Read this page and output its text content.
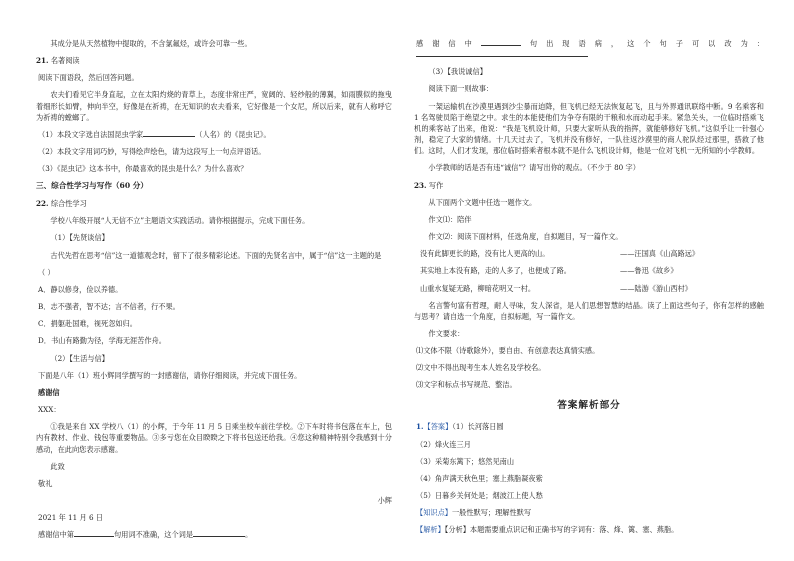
其成分是从天然植物中提取的，不含氯氟烃，或许会可靠一些。

21. 名著阅读

阅读下面语段，然后回答问题。

农夫们看见它半身直起，立在太阳灼烧的青草上，态度非常庄严，宽阔的、轻纱般的薄翼，如雨膜似的拖曳着细形长如臂，伸向半空，好像是在祈祷，在无知识的农夫看来，它好像是一个女尼，所以后来，就有人称呼它为祈祷的螳螂了。

（1）本段文字选自法国昆虫学家	（人名）的《昆虫记》。

（2）本段文字用词巧妙，写得绘声绘色，请为这段写上一句点评语话。

（3）《昆虫记》这本书中，你最喜欢的昆虫是什么？为什么喜欢？

三、综合性学习与写作（60 分）

22. 综合性学习

学校八年级开展“人无信不立”主题语文实践活动。请你根据提示，完成下面任务。

（1）【先贤谈信】

古代先哲在思考“信”这一道德观念时，留下了很多精彩论述。下面的先贤名言中，属于“信”这一主题的是

（ ）

A．静以修身，俭以养德。

B．志不强者，智不达；言不信者，行不果。

C．捐躯赴国难，视死忽如归。

D．书山有路勤为径，学海无涯苦作舟。

（2）【生活与信】

下面是八年（1）班小辉同学撰写的一封感谢信，请你仔细阅读，并完成下面任务。

感谢信

XXX：

①我是来自 XX 学校八（1）的小辉，于今年 11 月 5 日乘坐校车前往学校。②下车时将书包落在车上，包内有教材、作业、钱包等重要物品。③多亏您在众目睽睽之下将书包送还给我。④您这种精神特别令我感到十分感动，在此向您表示感谢。

此致

敬礼

小辉

2021 年 11 月 6 日

感谢信中第	句用词不准确，这个词是	。

感谢信中	句出现语病，这个句子可以改为：

（3）【我说诚信】

阅读下面一则故事：

一架运输机在沙漠里遇到沙尘暴而迫降，但飞机已经无法恢复起飞，且与外界通讯联络中断。9 名乘客和 1 名驾驶员陷于绝望之中。求生的本能使他们为争夺有限的干粮和水而动起手来。紧急关头，一位临时搭乘飞机的乘客站了出来，他说：“我是飞机设计师，只要大家听从我的指挥，就能够修好飞机。”这似乎让一针强心剂，稳定了大家的情绪。十几天过去了，飞机并没有修好，一队往返沙漠里的商人驼队经过那里，搭救了他们。这时，人们才发现，那位临时搭乘者根本就不是什么飞机设计师，他是一位对飞机一无所知的小学教师。

小学教师的话是否有违“诚信”？请写出你的观点。（不少于 80 字）

23. 写作

从下面两个文题中任选一题作文。

作文⑴：陪伴

作文⑵：阅读下面材料，任选角度，自拟题目，写一篇作文。

没有此脚更长的路，没有比人更高的山。	——汪国真《山高路远》
其实地上本没有路，走的人多了，也便成了路。	——鲁迅《故乡》
山重水复疑无路，柳暗花明又一村。	——陆游《游山西村》

名言警句富有哲理，耐人寻味，发人深省，是人们思想智慧的结晶。读了上面这些句子，你有怎样的感触与思考？请自选一个角度，自拟标题，写一篇作文。

作文要求：

⑴文体不限（诗歌除外），要自由、有创意表达真情实感。

⑵文中不得出现考生本人姓名及学校名。

⑶文字和标点书写规范、整洁。

答案解析部分

1.【答案】（1）长河落日圆

（2）烽火连三月

（3）采菊东篱下；悠然见南山

（4）角声满天秋色里；塞上燕脂凝夜紫

（5）日暮乡关何处是；烟波江上使人愁

【知识点】一般性默写；理解性默写

【解析】【分析】本题需要重点识记和正确书写的字词有：落、烽、篱、塞、燕脂。
